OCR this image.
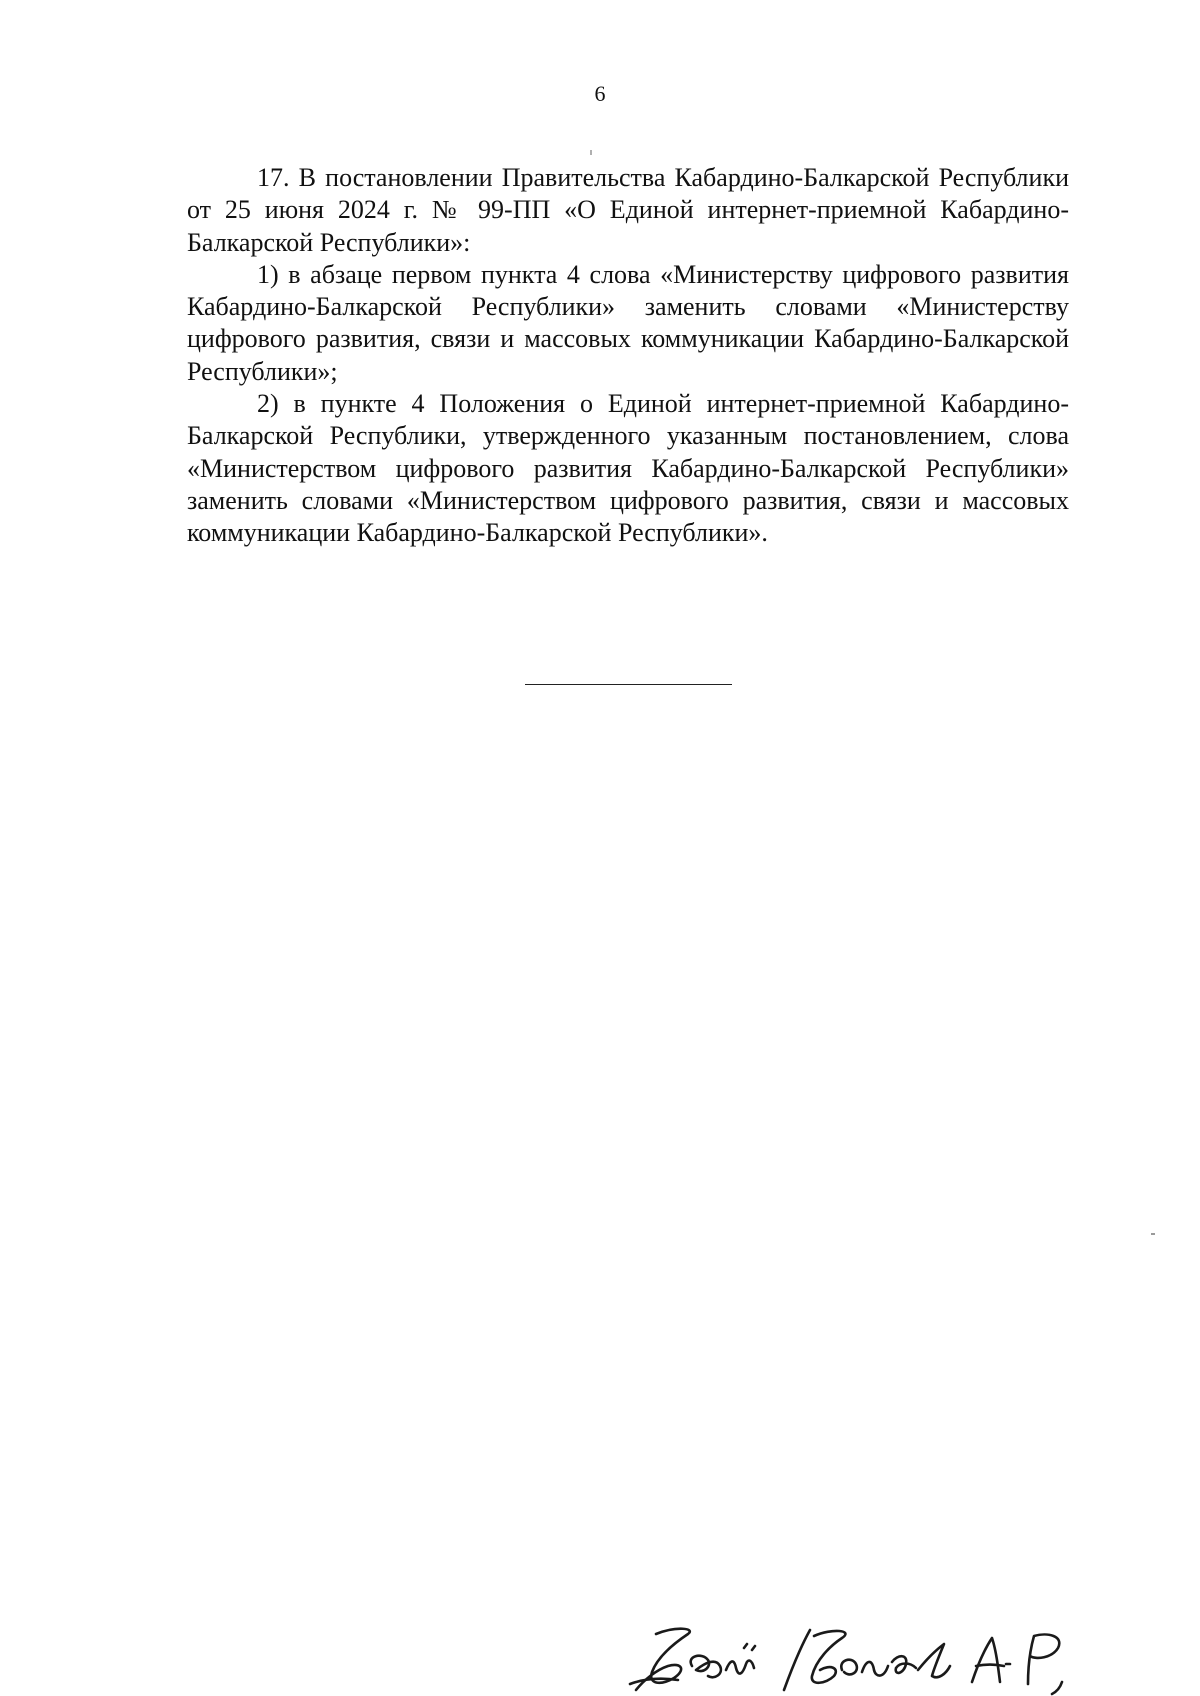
6

17. В постановлении Правительства Кабардино-Балкарской Республики от 25 июня 2024 г. № 99-ПП «О Единой интернет-приемной Кабардино-Балкарской Республики»:

1) в абзаце первом пункта 4 слова «Министерству цифрового развития Кабардино-Балкарской Республики» заменить словами «Министерству цифрового развития, связи и массовых коммуникации Кабардино-Балкарской Республики»;

2) в пункте 4 Положения о Единой интернет-приемной Кабардино-Балкарской Республики, утвержденного указанным постановлением, слова «Министерством цифрового развития Кабардино-Балкарской Республики» заменить словами «Министерством цифрового развития, связи и массовых коммуникации Кабардино-Балкарской Республики».
